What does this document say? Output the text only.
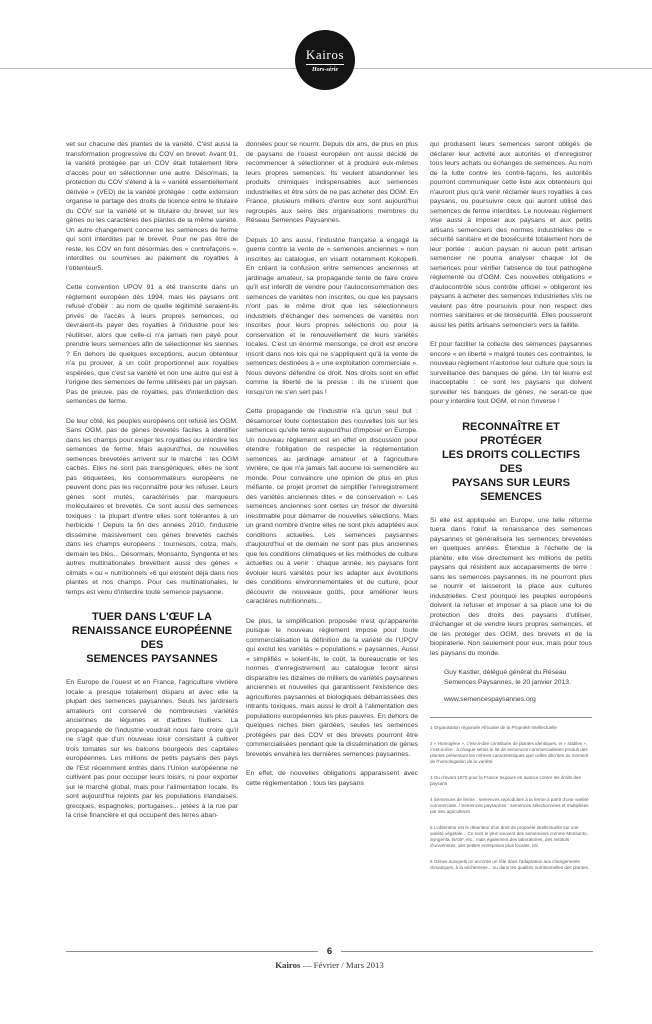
Kairos
Hors-série

vet sur chacune des plantes de la variété. C'est aussi la transformation progressive du COV en brevet. Avant 91, la variété protégée par un COV était totalement libre d'accès pour en sélectionner une autre. Désormais, la protection du COV s'étend à la « variété essentiellement dérivée » (VED) de la variété protégée : cette extension organise le partage des droits de licence entre le titulaire du COV sur la variété et le titulaire du brevet sur les gènes ou les caractères des plantes de la même variété. Un autre changement concerne les semences de ferme qui sont interdites par le brevet. Pour ne pas être de reste, les COV en font désormais des « contrefaçons », interdites ou soumises au paiement de royalties à l'obtenteur5.

Cette convention UPOV 91 a été transcrite dans un règlement européen dès 1994, mais les paysans ont refusé d'obéir : au nom de quelle légitimité seraient-ils privés de l'accès à leurs propres semences, ou devraient-ils payer des royalties à l'industrie pour les réutiliser, alors que celle-ci n'a jamais rien payé pour prendre leurs semences afin de sélectionner les siennes ? En dehors de quelques exceptions, aucun obtenteur n'a pu prouver, à un coût proportionnel aux royalties espérées, que c'est sa variété et non une autre qui est à l'origine des semences de ferme utilisées par un paysan. Pas de preuve, pas de royalties, pas d'interdiction des semences de ferme.

De leur côté, les peuples européens ont refusé les OGM. Sans OGM, pas de gènes brevetés faciles à identifier dans les champs pour exiger les royalties ou interdire les semences de ferme. Mais aujourd'hui, de nouvelles semences brevetées arrivent sur le marché : les OGM cachés. Elles ne sont pas transgéniques, elles ne sont pas étiquetées, les consommateurs européens ne peuvent donc pas les reconnaître pour les refuser. Leurs gènes sont mutés, caractérisés par marqueurs moléculaires et brevetés. Ce sont aussi des semences toxiques : la plupart d'entre elles sont tolérantes à un herbicide ! Depuis la fin des années 2010, l'industrie dissémine massivement ces gènes brevetés cachés dans les champs européens : tournesols, colza, maïs, demain les blés... Désormais, Monsanto, Syngenta et les autres multinationales brevettent aussi des gènes « climats » ou « nutritionnels »6 qui existent déjà dans nos plantes et nos champs. Pour ces multinationales, le temps est venu d'interdire toute semence paysanne.

TUER DANS L'ŒUF LA
RENAISSANCE EUROPÉENNE DES
SEMENCES PAYSANNES

En Europe de l'ouest et en France, l'agriculture vivrière locale a presque totalement disparu et avec elle la plupart des semences paysannes. Seuls les jardiniers amateurs ont conservé de nombreuses variétés anciennes de légumes et d'arbres fruitiers. La propagande de l'industrie voudrait nous faire croire qu'il ne s'agit que d'un nouveau loisir consistant à cultiver trois tomates sur les balcons bourgeois des capitales européennes. Les millions de petits paysans des pays de l'Est récemment entrés dans l'Union européenne ne cultivent pas pour occuper leurs loisirs, ni pour exporter sur le marché global, mais pour l'alimentation locale. Ils sont aujourd'hui rejoints par les populations irlandaises, grecques, espagnoles, portugaises... jetées à la rue par la crise financière et qui occupent des terres aban-

données pour se nourrir. Depuis dix ans, de plus en plus de paysans de l'ouest européen ont aussi décidé de recommencer à sélectionner et à produire eux-mêmes leurs propres semences. Ils veulent abandonner les produits chimiques indispensables aux semences industrielles et être sûrs de ne pas acheter des OGM. En France, plusieurs milliers d'entre eux sont aujourd'hui regroupés aux seins des organisations membres du Réseau Semences Paysannes.

Depuis 10 ans aussi, l'industrie française a engagé la guerre contre la vente de « semences anciennes » non inscrites au catalogue, en visant notamment Kokopelli. En créant la confusion entre semences anciennes et jardinage amateur, sa propagande tente de faire croire qu'il est interdit de vendre pour l'autoconsommation des semences de variétés non inscrites, ou que les paysans n'ont pas le même droit que les sélectionneurs industriels d'échanger des semences de variétés non inscrites pour leurs propres sélections ou pour la conservation et le renouvellement de leurs variétés locales. C'est un énorme mensonge, ce droit est encore inscrit dans nos lois qui ne s'appliquent qu'à la vente de semences destinées à « une exploitation commerciale ». Nous devons défendre ce droit. Nos droits sont en effet comme la liberté de la presse : ils ne s'usent que lorsqu'on ne s'en sert pas !

Cette propagande de l'industrie n'a qu'un seul but : désamorcer toute contestation des nouvelles lois sur les semences qu'elle tente aujourd'hui d'imposer en Europe. Un nouveau règlement est en effet en discussion pour étendre l'obligation de respecter la réglementation semences au jardinage amateur et à l'agriculture vivrière, ce que n'a jamais fait aucune loi semencière au monde. Pour convaincre une opinion de plus en plus méfiante, ce projet promet de simplifier l'enregistrement des variétés anciennes dites « de conservation ». Les semences anciennes sont certes un trésor de diversité inestimable pour démarrer de nouvelles sélections. Mais un grand nombre d'entre elles ne sont plus adaptées aux conditions actuelles. Les semences paysannes d'aujourd'hui et de demain ne sont pas plus anciennes que les conditions climatiques et les méthodes de culture actuelles ou à venir : chaque année, les paysans font évoluer leurs variétés pour les adapter aux évolutions des conditions environnementales et de culture, pour découvrir de nouveaux goûts, pour améliorer leurs caractères nutritionnels...

De plus, la simplification proposée n'est qu'apparente puisque le nouveau règlement impose pour toute commercialisation la définition de la variété de l'UPOV qui exclut les variétés « populations » paysannes. Aussi « simplifiés » soient-ils, le coût, la bureaucratie et les normes d'enregistrement au catalogue feront ainsi disparaître les dizaines de milliers de variétés paysannes anciennes et nouvelles qui garantissent l'existence des agricultures paysannes et biologiques débarrassées des intrants toxiques, mais aussi le droit à l'alimentation des populations européennes les plus pauvres. En dehors de quelques niches bien gardées, seules les semences protégées par des COV et des brevets pourront être commercialisées pendant que la dissémination de gènes brevetés envahira les dernières semences paysannes.

En effet, de nouvelles obligations apparaissent avec cette réglementation : tous les paysans

qui produisent leurs semences seront obligés de déclarer leur activité aux autorités et d'enregistrer tous leurs achats ou échanges de semences. Au nom de la lutte contre les contre-façons, les autorités pourront communiquer cette liste aux obtenteurs qui n'auront plus qu'à venir réclamer leurs royalties à ces paysans, ou poursuivre ceux qui auront utilisé des semences de ferme interdites. Le nouveau règlement vise aussi à imposer aux paysans et aux petits artisans semenciers des normes industrielles de « sécurité sanitaire et de biosécurité totalement hors de leur portée : aucun paysan ni aucun petit artisan semencier ne pourra analyser chaque lot de semences pour vérifier l'absence de tout pathogène réglementé ou d'OGM. Ces nouvelles obligations « d'autocontrôle sous contrôle officiel » obligeront les paysans à acheter des semences industrielles s'ils ne veulent pas être poursuivis pour non respect des normes sanitaires et de biosécurité. Elles pousseront aussi les petits artisans semenciers vers la faillite.

Et pour faciliter la collecte des semences paysannes encore « en liberté » malgré toutes ces contraintes, le nouveau règlement n'autorise leur culture que sous la surveillance des banques de gène. Un tel leurre est inacceptable : ce sont les paysans qui doivent surveiller les banques de gènes, ne serait-ce que pour y interdire tout OGM, et non l'inverse !

RECONNAÎTRE ET PROTÉGER
LES DROITS COLLECTIFS DES
PAYSANS SUR LEURS SEMENCES

Si elle est appliquée en Europe, une telle réforme tuera dans l'œuf la renaissance des semences paysannes et généralisera les semences brevetées en quelques années. Étendue à l'échelle de la planète, elle vise directement les millions de petits paysans qui résistent aux accaparements de terre : sans les semences paysannes, ils ne pourront plus se nourrir et laisseront la place aux cultures industrielles. C'est pourquoi les peuples européens doivent la refuser et imposer à sa place une loi de protection des droits des paysans d'utiliser, d'échanger et de vendre leurs propres semences, et de les protéger des OGM, des brevets et de la biopiraterie. Non seulement pour eux, mais pour tous les paysans du monde.

Guy Kastler, délégué général du Réseau Semences Paysannes, le 20 janvier 2013.

www.semencespaysannes.org

1 Organisation régionale Africaine de la Propriété Intellectuelle

2 « Homogène », c'est-à-dire constituée de plantes identiques, et « stables », c'est-à-dire : à chaque semis le lot de semences commercialisées produit des plantes présentant les mêmes caractéristiques que celles décrites au moment de l'homologation de la variété.

3 Ou d'avant 1970 pour la France toujours en avance contre les droits des paysans

4 Semences de ferme : semences reproduites à la ferme à partir d'une variété commerciale. / Semences paysannes : semences sélectionnées et multipliées par des agriculteurs

5 L'obtenteur est le détenteur d'un droit de propriété intellectuelle sur une variété végétale... Ce sont le plus souvent des semenciers comme Monsanto, Syngenta, BASF, etc., mais également des laboratoires, des instituts d'universités, des petites entreprises plus locales, etc.

6 Gènes auxquels on accorde un rôle dans l'adaptation aux changements climatiques, à la sécheresse... ou dans les qualités nutritionnelles des plantes.

6
Kairos — Février / Mars 2013
